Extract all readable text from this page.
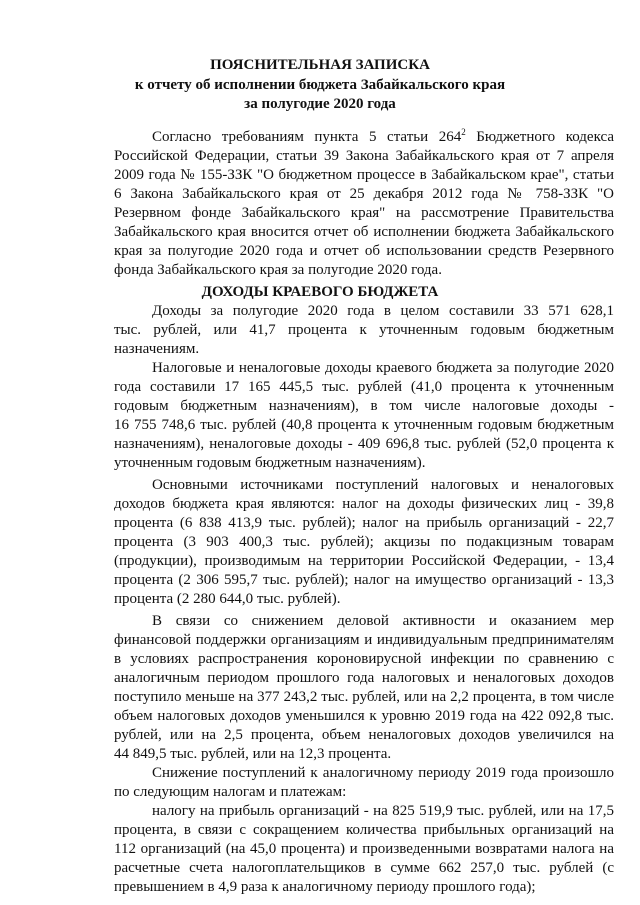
ПОЯСНИТЕЛЬНАЯ ЗАПИСКА
к отчету об исполнении бюджета Забайкальского края
за полугодие 2020 года
Согласно требованиям пункта 5 статьи $264^2$ Бюджетного кодекса
Российской Федерации, статьи 39 Закона Забайкальского края от 7 апреля
2009 года № 155-ЗЗК "О бюджетном процессе в Забайкальском крае", статьи
6 Закона Забайкальского края от 25 декабря 2012 года № 758-ЗЗК "О
Резервном фонде Забайкальского края" на рассмотрение Правительства
Забайкальского края вносится отчет об исполнении бюджета Забайкальского
края за полугодие 2020 года и отчет об использовании средств Резервного
фонда Забайкальского края за полугодие 2020 года.
ДОХОДЫ КРАЕВОГО БЮДЖЕТА
Доходы за полугодие 2020 года в целом составили 33 571 628,1
тыс. рублей, или 41,7 процента к уточненным годовым бюджетным
назначениям.
Налоговые и неналоговые доходы краевого бюджета за полугодие 2020
года составили 17 165 445,5 тыс. рублей (41,0 процента к уточненным
годовым бюджетным назначениям), в том числе налоговые доходы -
16 755 748,6 тыс. рублей (40,8 процента к уточненным годовым бюджетным
назначениям), неналоговые доходы - 409 696,8 тыс. рублей (52,0 процента к
уточненным годовым бюджетным назначениям).
Основными источниками поступлений налоговых и неналоговых
доходов бюджета края являются: налог на доходы физических лиц - 39,8
процента (6 838 413,9 тыс. рублей); налог на прибыль организаций - 22,7
процента (3 903 400,3 тыс. рублей); акцизы по подакцизным товарам
(продукции), производимым на территории Российской Федерации, - 13,4
процента (2 306 595,7 тыс. рублей); налог на имущество организаций - 13,3
процента (2 280 644,0 тыс. рублей).
В связи со снижением деловой активности и оказанием мер
финансовой поддержки организациям и индивидуальным предпринимателям
в условиях распространения короновирусной инфекции по сравнению с
аналогичным периодом прошлого года налоговых и неналоговых доходов
поступило меньше на 377 243,2 тыс. рублей, или на 2,2 процента, в том числе
объем налоговых доходов уменьшился к уровню 2019 года на 422 092,8 тыс.
рублей, или на 2,5 процента, объем неналоговых доходов увеличился на
44 849,5 тыс. рублей, или на 12,3 процента.
Снижение поступлений к аналогичному периоду 2019 года произошло
по следующим налогам и платежам:
налогу на прибыль организаций - на 825 519,9 тыс. рублей, или на 17,5
процента, в связи с сокращением количества прибыльных организаций на
112 организаций (на 45,0 процента) и произведенными возвратами налога на
расчетные счета налогоплательщиков в сумме 662 257,0 тыс. рублей (с
превышением в 4,9 раза к аналогичному периоду прошлого года);
